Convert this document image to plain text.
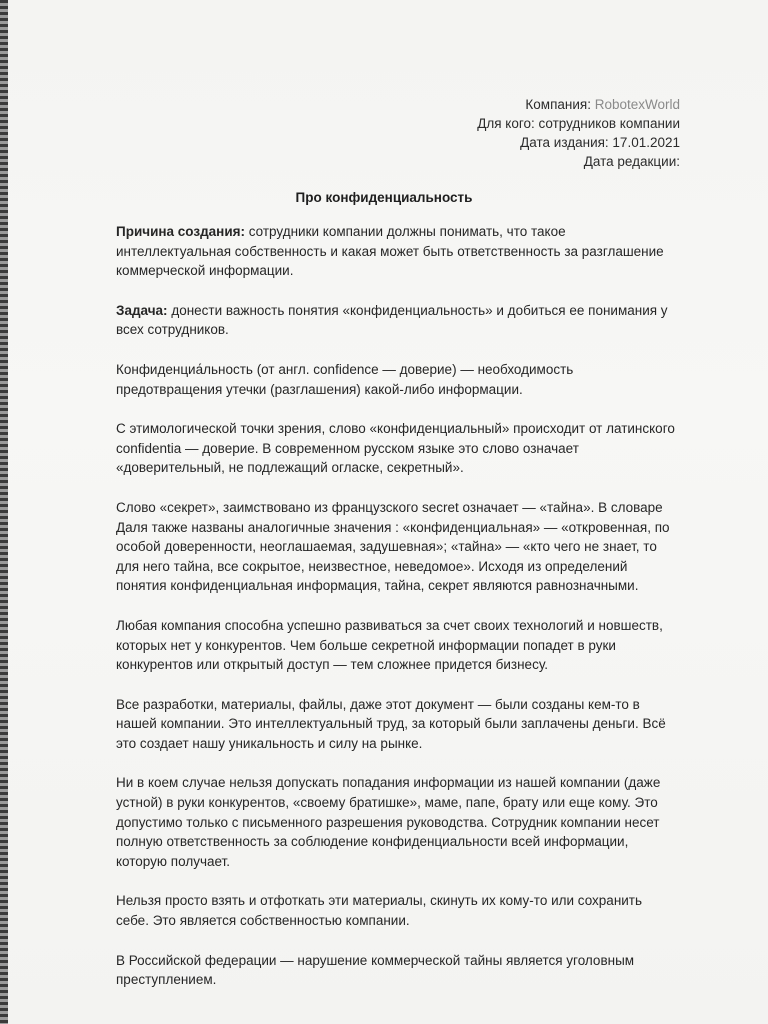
Компания: RobotexWorld
Для кого: сотрудников компании
Дата издания: 17.01.2021
Дата редакции:
Про конфиденциальность

Причина создания: сотрудники компании должны понимать, что такое интеллектуальная собственность и какая может быть ответственность за разглашение коммерческой информации.

Задача: донести важность понятия «конфиденциальность» и добиться ее понимания у всех сотрудников.

Конфиденциа́льность (от англ. confidence — доверие) — необходимость предотвращения утечки (разглашения) какой-либо информации.

С этимологической точки зрения, слово «конфиденциальный» происходит от латинского confidentia — доверие. В современном русском языке это слово означает «доверительный, не подлежащий огласке, секретный».

Слово «секрет», заимствовано из французского secret означает — «тайна». В словаре Даля также названы аналогичные значения : «конфиденциальная» — «откровенная, по особой доверенности, неоглашаемая, задушевная»; «тайна» — «кто чего не знает, то для него тайна, все сокрытое, неизвестное, неведомое». Исходя из определений понятия конфиденциальная информация, тайна, секрет являются равнозначными.

Любая компания способна успешно развиваться за счет своих технологий и новшеств, которых нет у конкурентов. Чем больше секретной информации попадет в руки конкурентов или открытый доступ — тем сложнее придется бизнесу.

Все разработки, материалы, файлы, даже этот документ — были созданы кем-то в нашей компании. Это интеллектуальный труд, за который были заплачены деньги. Всё это создает нашу уникальность и силу на рынке.

Ни в коем случае нельзя допускать попадания информации из нашей компании (даже устной) в руки конкурентов, «своему братишке», маме, папе, брату или еще кому. Это допустимо только с письменного разрешения руководства. Сотрудник компании несет полную ответственность за соблюдение конфиденциальности всей информации, которую получает.

Нельзя просто взять и отфоткать эти материалы, скинуть их кому-то или сохранить себе. Это является собственностью компании.

В Российской федерации — нарушение коммерческой тайны является уголовным преступлением.
